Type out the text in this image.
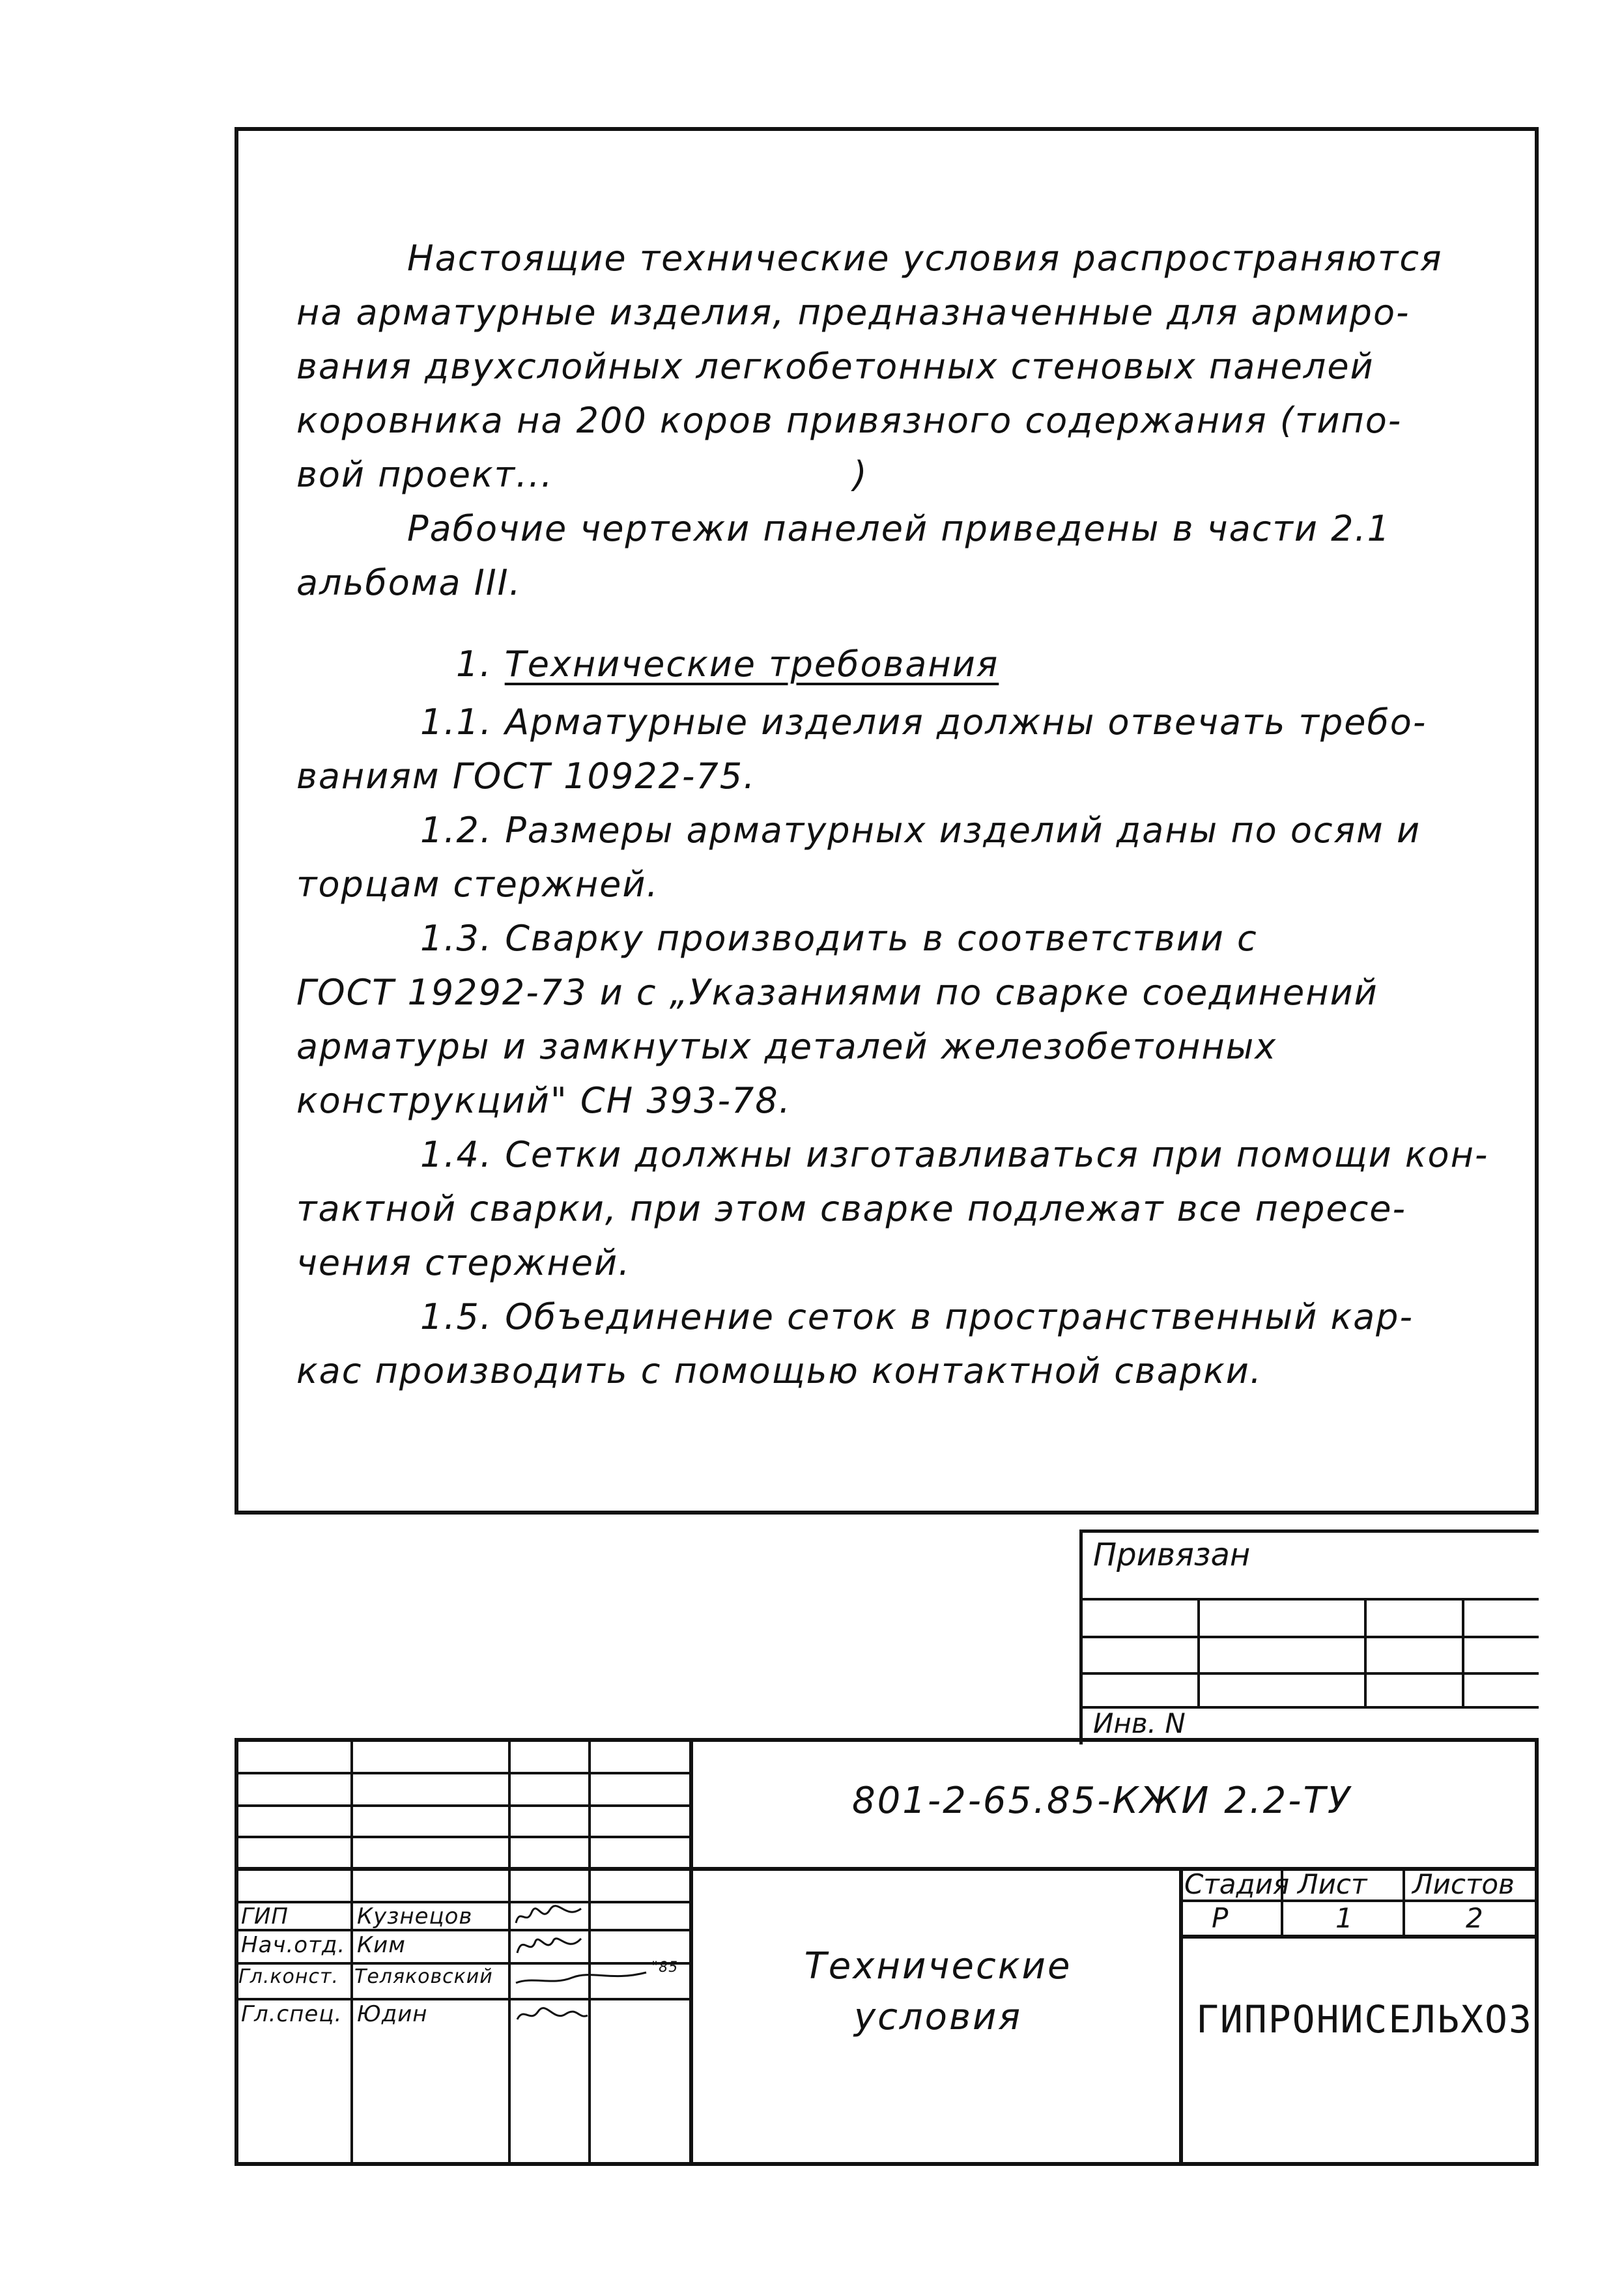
Настоящие технические условия распространяются
на арматурные изделия, предназначенные для армиро-
вания двухслойных легкобетонных стеновых панелей
коровника на 200 коров привязного содержания (типо-
вой проект...	)
Рабочие чертежи панелей приведены в части 2.1
альбома III.
1. Технические требования
1.1. Арматурные изделия должны отвечать требо-
ваниям ГОСТ 10922-75.
1.2. Размеры арматурных изделий даны по осям и
торцам стержней.
1.3. Сварку производить в соответствии с
ГОСТ 19292-73 и с „Указаниями по сварке соединений
арматуры и замкнутых деталей железобетонных
конструкций" СН 393-78.
1.4. Сетки должны изготавливаться при помощи кон-
тактной сварки, при этом сварке подлежат все пересе-
чения стержней.
1.5. Объединение сеток в пространственный кар-
кас производить с помощью контактной сварки.
Привязан
Инв. N
801-2-65.85-КЖИ 2.2-ТУ
Технические
условия
Стадия Лист Листов
Р	1	2
ГИПРОНИСЕЛЬХОЗ
ГИП	Кузнецов
Нач.отд. Ким
Гл.конст. Теляковский	"85
Гл.спец. Юдин
